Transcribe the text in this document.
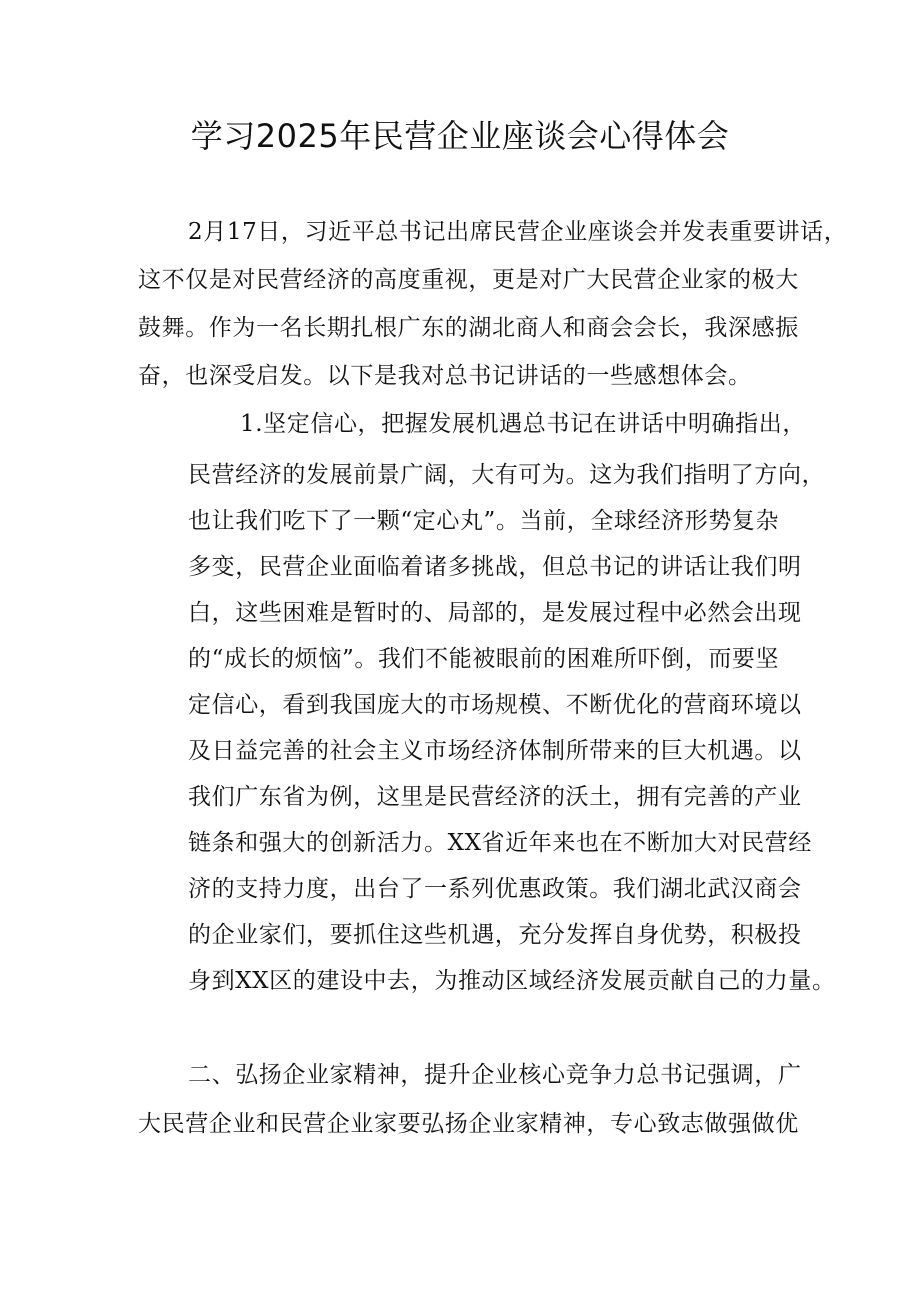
学习2025年民营企业座谈会心得体会
2月17日，习近平总书记出席民营企业座谈会并发表重要讲话，
这不仅是对民营经济的高度重视，更是对广大民营企业家的极大
鼓舞。作为一名长期扎根广东的湖北商人和商会会长，我深感振
奋，也深受启发。以下是我对总书记讲话的一些感想体会。
1.坚定信心，把握发展机遇总书记在讲话中明确指出，
民营经济的发展前景广阔，大有可为。这为我们指明了方向，
也让我们吃下了一颗“定心丸”。当前，全球经济形势复杂
多变，民营企业面临着诸多挑战，但总书记的讲话让我们明
白，这些困难是暂时的、局部的，是发展过程中必然会出现
的“成长的烦恼”。我们不能被眼前的困难所吓倒，而要坚
定信心，看到我国庞大的市场规模、不断优化的营商环境以
及日益完善的社会主义市场经济体制所带来的巨大机遇。以
我们广东省为例，这里是民营经济的沃土，拥有完善的产业
链条和强大的创新活力。XX省近年来也在不断加大对民营经
济的支持力度，出台了一系列优惠政策。我们湖北武汉商会
的企业家们，要抓住这些机遇，充分发挥自身优势，积极投
身到XX区的建设中去，为推动区域经济发展贡献自己的力量。
二、弘扬企业家精神，提升企业核心竞争力总书记强调，广
大民营企业和民营企业家要弘扬企业家精神，专心致志做强做优
